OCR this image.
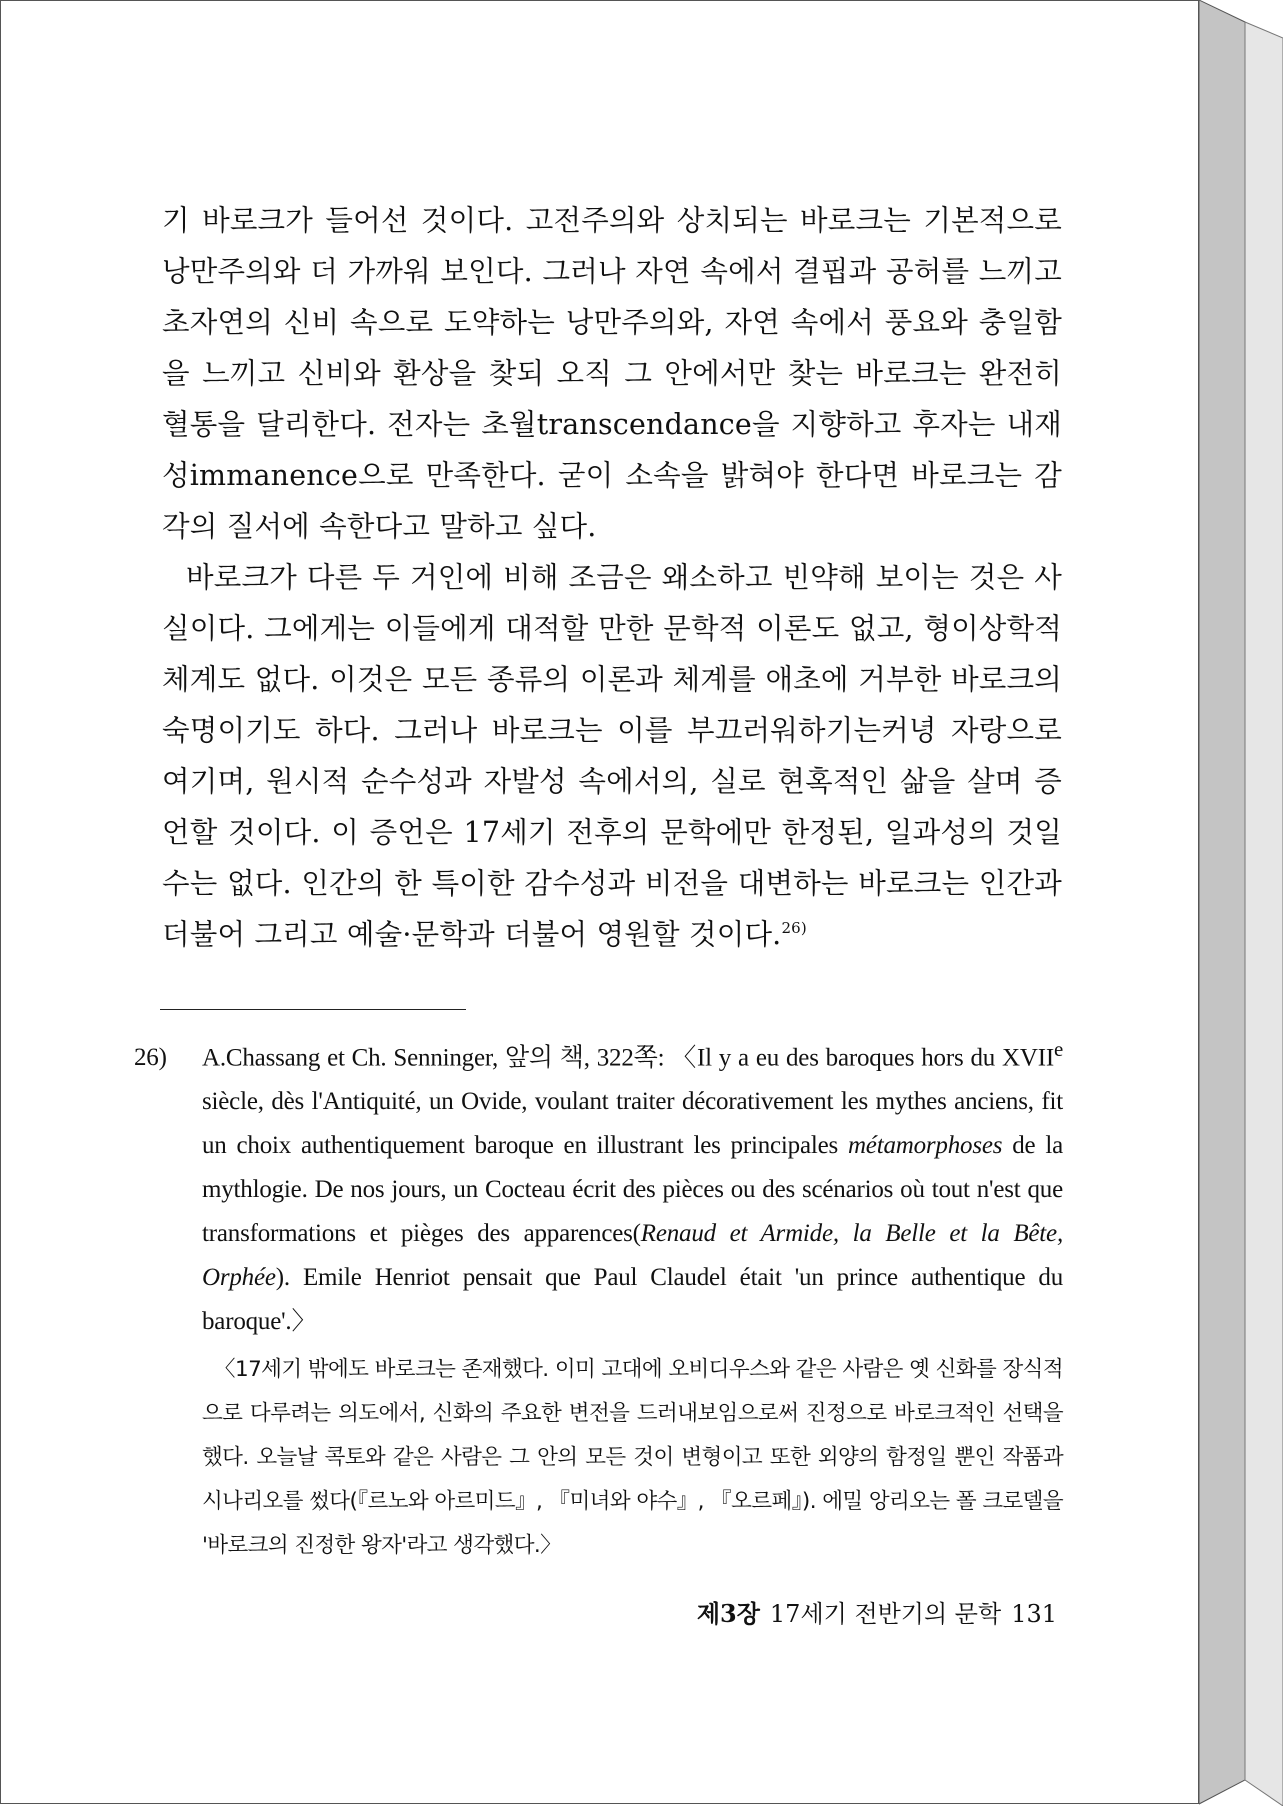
기 바로크가 들어선 것이다. 고전주의와 상치되는 바로크는 기본적으로 낭만주의와 더 가까워 보인다. 그러나 자연 속에서 결핍과 공허를 느끼고 초자연의 신비 속으로 도약하는 낭만주의와, 자연 속에서 풍요와 충일함을 느끼고 신비와 환상을 찾되 오직 그 안에서만 찾는 바로크는 완전히 혈통을 달리한다. 전자는 초월transcendance을 지향하고 후자는 내재성immanence으로 만족한다. 굳이 소속을 밝혀야 한다면 바로크는 감각의 질서에 속한다고 말하고 싶다.

바로크가 다른 두 거인에 비해 조금은 왜소하고 빈약해 보이는 것은 사실이다. 그에게는 이들에게 대적할 만한 문학적 이론도 없고, 형이상학적 체계도 없다. 이것은 모든 종류의 이론과 체계를 애초에 거부한 바로크의 숙명이기도 하다. 그러나 바로크는 이를 부끄러워하기는커녕 자랑으로 여기며, 원시적 순수성과 자발성 속에서의, 실로 현혹적인 삶을 살며 증언할 것이다. 이 증언은 17세기 전후의 문학에만 한정된, 일과성의 것일 수는 없다. 인간의 한 특이한 감수성과 비전을 대변하는 바로크는 인간과 더불어 그리고 예술·문학과 더불어 영원할 것이다.$^{26)}$

26) A.Chassang et Ch. Senninger, 앞의 책, 322쪽: 〈Il y a eu des baroques hors du XVIIe siècle, dès l'Antiquité, un Ovide, voulant traiter décorativement les mythes anciens, fit un choix authentiquement baroque en illustrant les principales métamorphoses de la mythlogie. De nos jours, un Cocteau écrit des pièces ou des scénarios où tout n'est que transformations et pièges des apparences(Renaud et Armide, la Belle et la Bête, Orphée). Emile Henriot pensait que Paul Claudel était 'un prince authentique du baroque'.〉

〈17세기 밖에도 바로크는 존재했다. 이미 고대에 오비디우스와 같은 사람은 옛 신화를 장식적으로 다루려는 의도에서, 신화의 주요한 변전을 드러내보임으로써 진정으로 바로크적인 선택을 했다. 오늘날 콕토와 같은 사람은 그 안의 모든 것이 변형이고 또한 외양의 함정일 뿐인 작품과 시나리오를 썼다(『르노와 아르미드』, 『미녀와 야수』, 『오르페』). 에밀 앙리오는 폴 크로델을 '바로크의 진정한 왕자'라고 생각했다.〉

제3장 17세기 전반기의 문학 131
